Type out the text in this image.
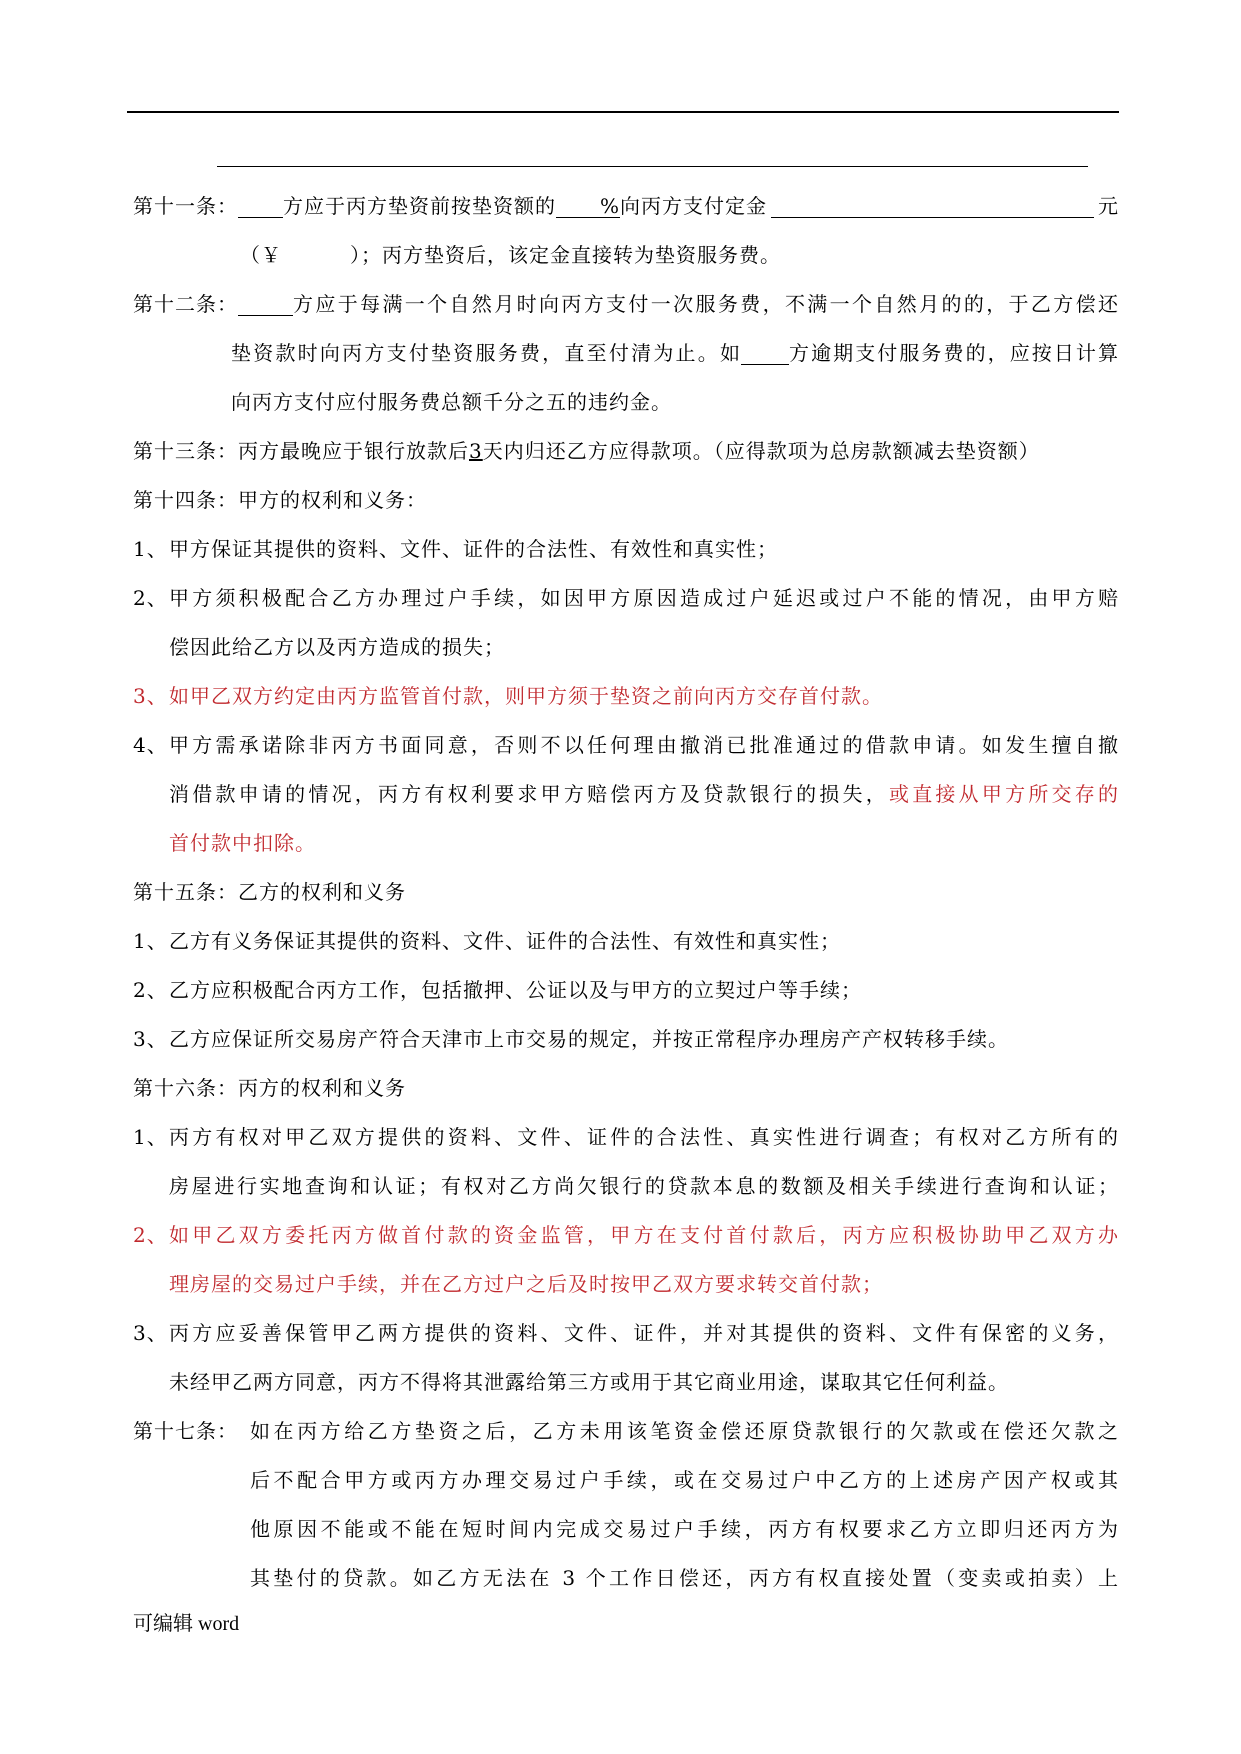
第十一条： 方应于丙方垫资前按垫资额的	% 向丙方支付定金	元
（￥	）；丙方垫资后，该定金直接转为垫资服务费。
第十二条：	方应于每满一个自然月时向丙方支付一次服务费，不满一个自然月的的，于乙方偿还
垫资款时向丙方支付垫资服务费，直至付清为止。如 方逾期支付服务费的，应按日计算
向丙方支付应付服务费总额千分之五的违约金。
第十三条：丙方最晚应于银行放款后3天内归还乙方应得款项。（应得款项为总房款额减去垫资额）
第十四条：甲方的权利和义务：
1、 甲方保证其提供的资料、文件、证件的合法性、有效性和真实性；
2、 甲方须积极配合乙方办理过户手续，如因甲方原因造成过户延迟或过户不能的情况，由甲方赔
偿因此给乙方以及丙方造成的损失；
3、 如甲乙双方约定由丙方监管首付款，则甲方须于垫资之前向丙方交存首付款。
4、 甲方需承诺除非丙方书面同意，否则不以任何理由撤消已批准通过的借款申请。如发生擅自撤
消借款申请的情况，丙方有权利要求甲方赔偿丙方及贷款银行的损失，或直接从甲方所交存的
首付款中扣除。
第十五条：乙方的权利和义务
1、 乙方有义务保证其提供的资料、文件、证件的合法性、有效性和真实性；
2、 乙方应积极配合丙方工作，包括撤押、公证以及与甲方的立契过户等手续；
3、 乙方应保证所交易房产符合天津市上市交易的规定，并按正常程序办理房产产权转移手续。
第十六条：丙方的权利和义务
1、 丙方有权对甲乙双方提供的资料、文件、证件的合法性、真实性进行调查；有权对乙方所有的
房屋进行实地查询和认证；有权对乙方尚欠银行的贷款本息的数额及相关手续进行查询和认证；
2、 如甲乙双方委托丙方做首付款的资金监管，甲方在支付首付款后，丙方应积极协助甲乙双方办
理房屋的交易过户手续，并在乙方过户之后及时按甲乙双方要求转交首付款；
3、 丙方应妥善保管甲乙两方提供的资料、文件、证件，并对其提供的资料、文件有保密的义务，
未经甲乙两方同意，丙方不得将其泄露给第三方或用于其它商业用途，谋取其它任何利益。
第十七条： 如在丙方给乙方垫资之后，乙方未用该笔资金偿还原贷款银行的欠款或在偿还欠款之
后不配合甲方或丙方办理交易过户手续，或在交易过户中乙方的上述房产因产权或其
他原因不能或不能在短时间内完成交易过户手续，丙方有权要求乙方立即归还丙方为
其垫付的贷款。如乙方无法在 3 个工作日偿还，丙方有权直接处置（变卖或拍卖）上
可编辑 word
